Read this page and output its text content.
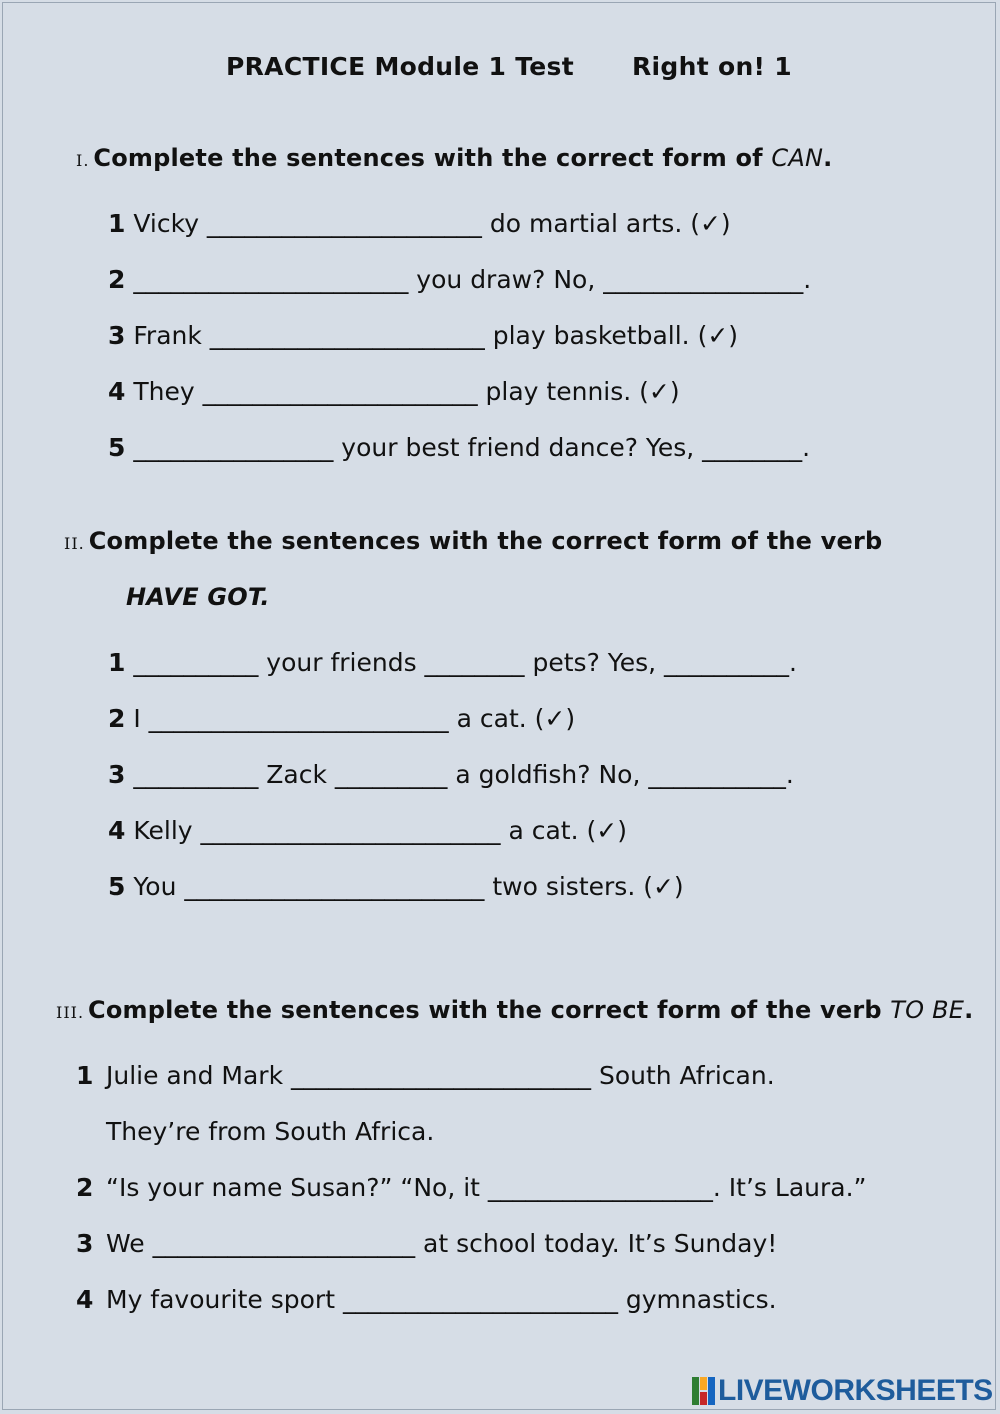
PRACTICE Module 1 Test Right on! 1
I. Complete the sentences with the correct form of CAN.
1 Vicky ______________________ do martial arts. (✓)
2 ______________________ you draw? No, ________________.
3 Frank ______________________ play basketball. (✓)
4 They ______________________ play tennis. (✓)
5 ________________ your best friend dance? Yes, ________.
II. Complete the sentences with the correct form of the verb
HAVE GOT.
1 __________ your friends ________ pets? Yes, __________.
2 I ________________________ a cat. (✓)
3 __________ Zack _________ a goldfish? No, ___________.
4 Kelly ________________________ a cat. (✓)
5 You ________________________ two sisters. (✓)
III. Complete the sentences with the correct form of the verb TO BE.
1 Julie and Mark ________________________ South African.
They’re from South Africa.
2 “Is your name Susan?” “No, it __________________. It’s Laura.”
3 We _____________________ at school today. It’s Sunday!
4 My favourite sport ______________________ gymnastics.
LIVEWORKSHEETS
